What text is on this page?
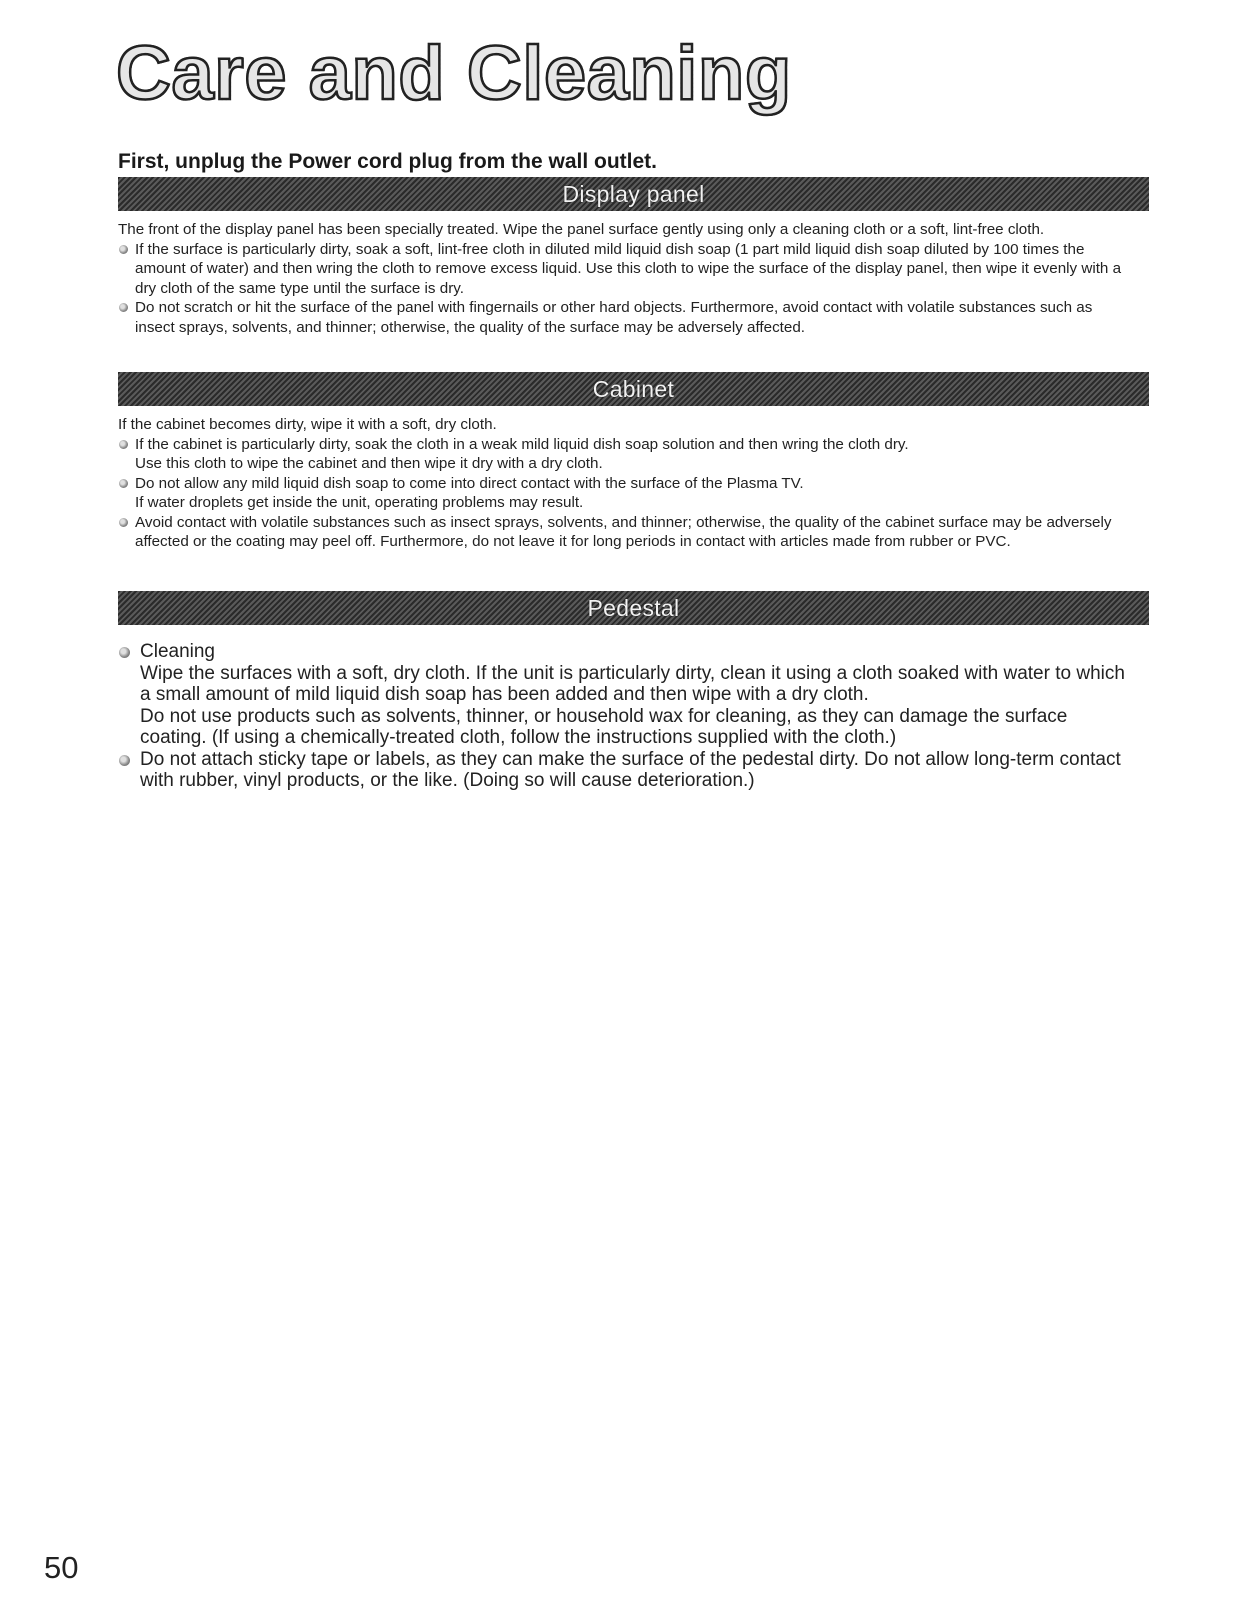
Care and Cleaning

First, unplug the Power cord plug from the wall outlet.

Display panel

The front of the display panel has been specially treated. Wipe the panel surface gently using only a cleaning cloth or a soft, lint-free cloth.

If the surface is particularly dirty, soak a soft, lint-free cloth in diluted mild liquid dish soap (1 part mild liquid dish soap diluted by 100 times the amount of water) and then wring the cloth to remove excess liquid. Use this cloth to wipe the surface of the display panel, then wipe it evenly with a dry cloth of the same type until the surface is dry.

Do not scratch or hit the surface of the panel with fingernails or other hard objects. Furthermore, avoid contact with volatile substances such as insect sprays, solvents, and thinner; otherwise, the quality of the surface may be adversely affected.

Cabinet

If the cabinet becomes dirty, wipe it with a soft, dry cloth.

If the cabinet is particularly dirty, soak the cloth in a weak mild liquid dish soap solution and then wring the cloth dry.

Use this cloth to wipe the cabinet and then wipe it dry with a dry cloth.

Do not allow any mild liquid dish soap to come into direct contact with the surface of the Plasma TV.

If water droplets get inside the unit, operating problems may result.

Avoid contact with volatile substances such as insect sprays, solvents, and thinner; otherwise, the quality of the cabinet surface may be adversely affected or the coating may peel off. Furthermore, do not leave it for long periods in contact with articles made from rubber or PVC.

Pedestal

Cleaning

Wipe the surfaces with a soft, dry cloth. If the unit is particularly dirty, clean it using a cloth soaked with water to which a small amount of mild liquid dish soap has been added and then wipe with a dry cloth.

Do not use products such as solvents, thinner, or household wax for cleaning, as they can damage the surface coating. (If using a chemically-treated cloth, follow the instructions supplied with the cloth.)

Do not attach sticky tape or labels, as they can make the surface of the pedestal dirty. Do not allow long-term contact with rubber, vinyl products, or the like. (Doing so will cause deterioration.)

50
